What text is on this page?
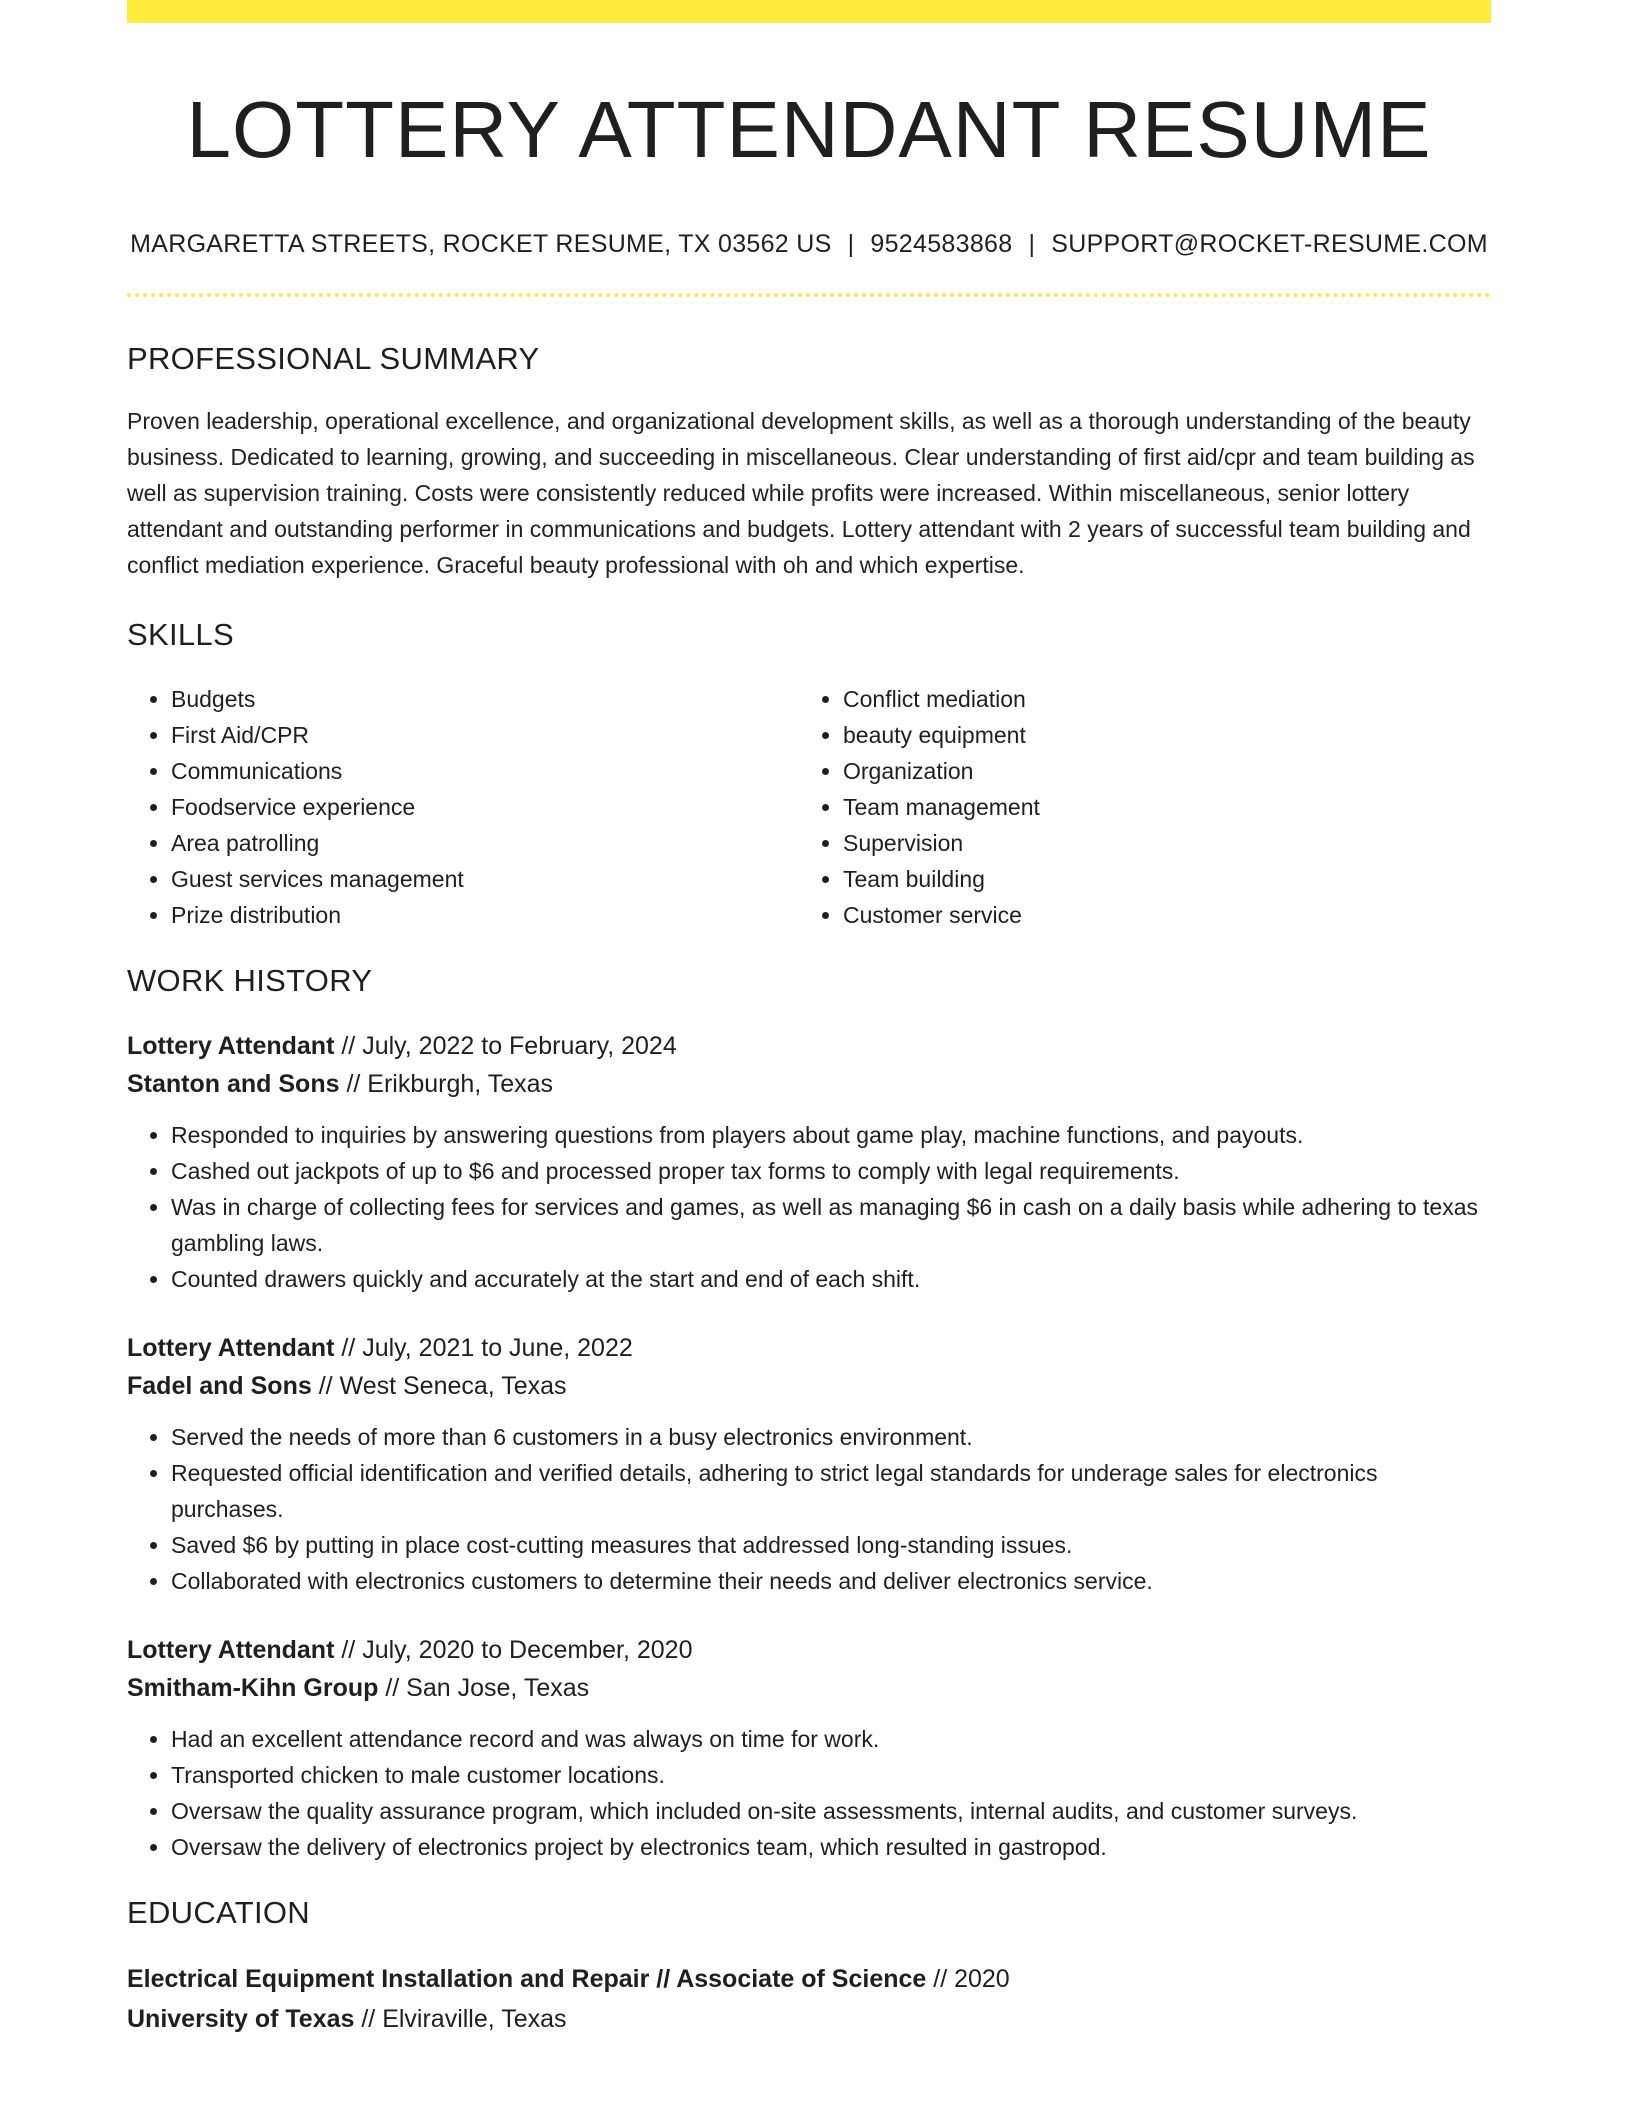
LOTTERY ATTENDANT RESUME
MARGARETTA STREETS, ROCKET RESUME, TX 03562 US | 9524583868 | SUPPORT@ROCKET-RESUME.COM
PROFESSIONAL SUMMARY
Proven leadership, operational excellence, and organizational development skills, as well as a thorough understanding of the beauty business. Dedicated to learning, growing, and succeeding in miscellaneous. Clear understanding of first aid/cpr and team building as well as supervision training. Costs were consistently reduced while profits were increased. Within miscellaneous, senior lottery attendant and outstanding performer in communications and budgets. Lottery attendant with 2 years of successful team building and conflict mediation experience. Graceful beauty professional with oh and which expertise.
SKILLS
• Budgets
• First Aid/CPR
• Communications
• Foodservice experience
• Area patrolling
• Guest services management
• Prize distribution
• Conflict mediation
• beauty equipment
• Organization
• Team management
• Supervision
• Team building
• Customer service
WORK HISTORY
Lottery Attendant // July, 2022 to February, 2024
Stanton and Sons // Erikburgh, Texas
• Responded to inquiries by answering questions from players about game play, machine functions, and payouts.
• Cashed out jackpots of up to $6 and processed proper tax forms to comply with legal requirements.
• Was in charge of collecting fees for services and games, as well as managing $6 in cash on a daily basis while adhering to texas gambling laws.
• Counted drawers quickly and accurately at the start and end of each shift.
Lottery Attendant // July, 2021 to June, 2022
Fadel and Sons // West Seneca, Texas
• Served the needs of more than 6 customers in a busy electronics environment.
• Requested official identification and verified details, adhering to strict legal standards for underage sales for electronics purchases.
• Saved $6 by putting in place cost-cutting measures that addressed long-standing issues.
• Collaborated with electronics customers to determine their needs and deliver electronics service.
Lottery Attendant // July, 2020 to December, 2020
Smitham-Kihn Group // San Jose, Texas
• Had an excellent attendance record and was always on time for work.
• Transported chicken to male customer locations.
• Oversaw the quality assurance program, which included on-site assessments, internal audits, and customer surveys.
• Oversaw the delivery of electronics project by electronics team, which resulted in gastropod.
EDUCATION
Electrical Equipment Installation and Repair // Associate of Science // 2020
University of Texas // Elviraville, Texas
